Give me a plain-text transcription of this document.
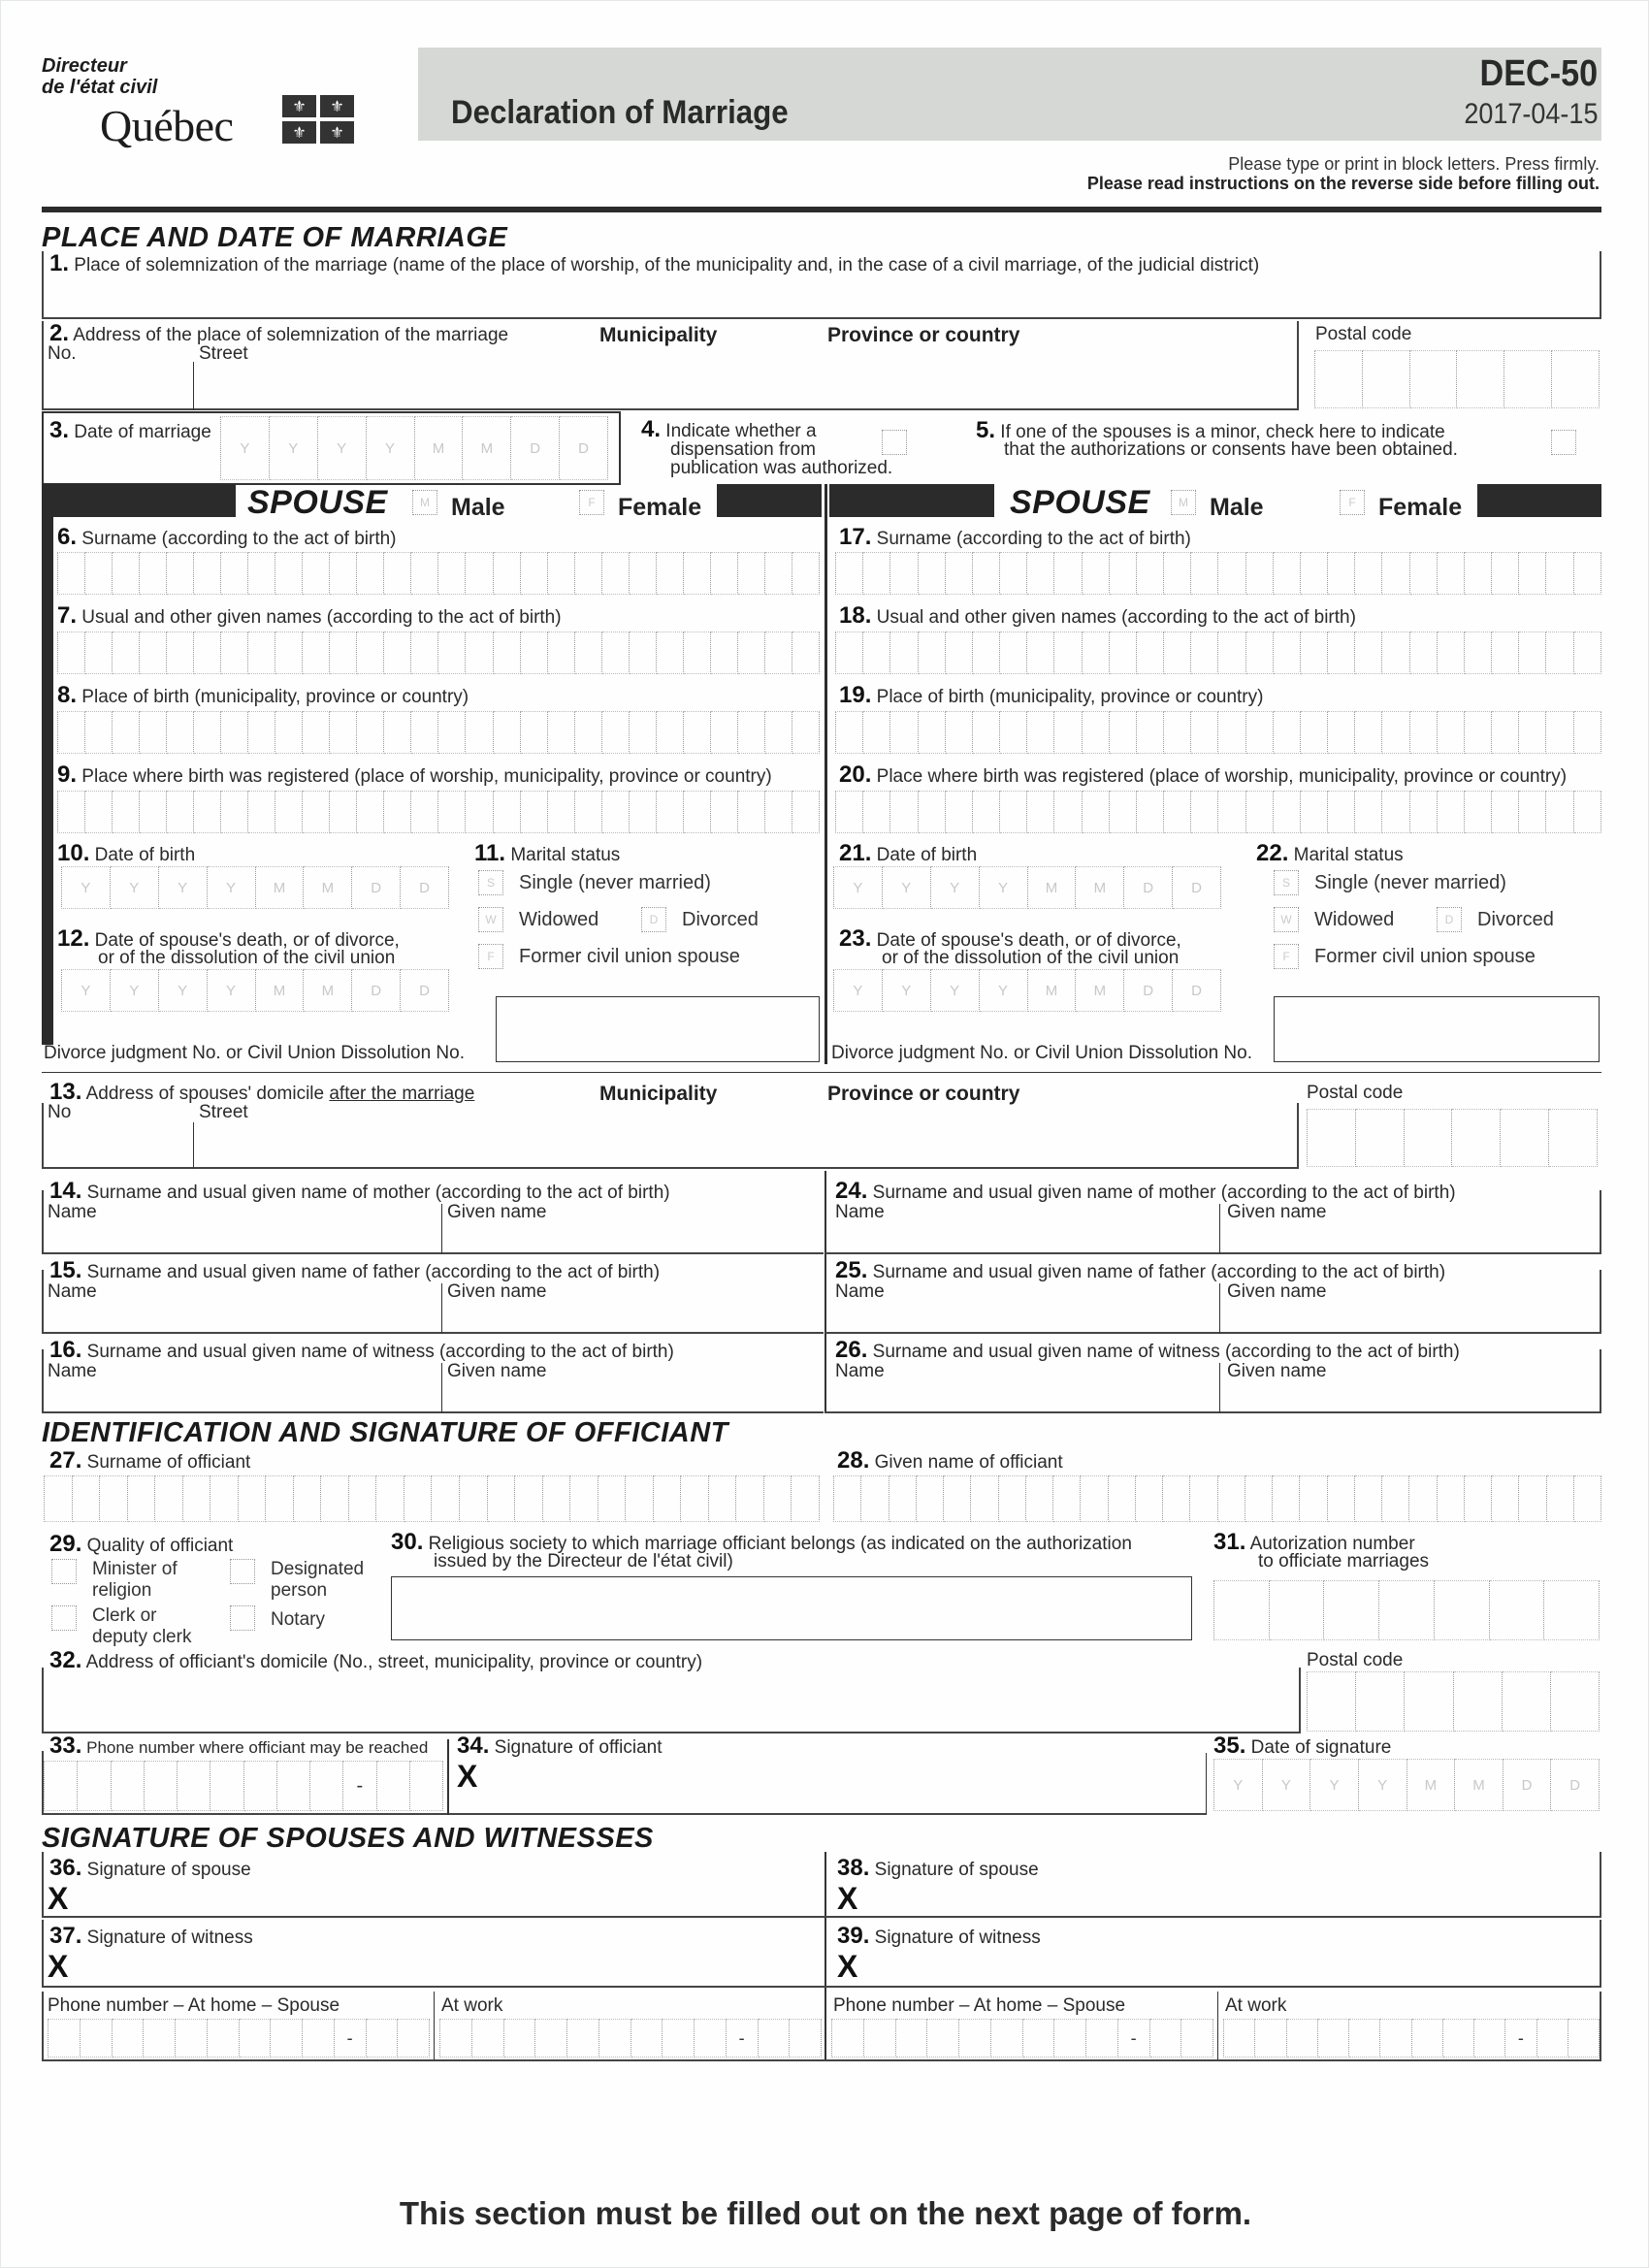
Directeur
de l'état civil
Québec	⚜	⚜
⚜	⚜
Declaration of Marriage
DEC-50
2017-04-15
Please type or print in block letters. Press firmly.
Please read instructions on the reverse side before filling out.
PLACE AND DATE OF MARRIAGE
1. Place of solemnization of the marriage (name of the place of worship, of the municipality and, in the case of a civil marriage, of the judicial district)
2. Address of the place of solemnization of the marriage
No.	Street
Municipality	Province or country	Postal code
3. Date of marriage
Y	Y	Y	Y	M	M	D	D
4. Indicate whether a
dispensation from
publication was authorized.
5. If one of the spouses is a minor, check here to indicate
that the authorizations or consents have been obtained.
SPOUSE	M Male	F Female	SPOUSE M Male	F Female
6. Surname (according to the act of birth)
7. Usual and other given names (according to the act of birth)
8. Place of birth (municipality, province or country)
9. Place where birth was registered (place of worship, municipality, province or country)
10. Date of birth
Y	Y	Y	Y	M	M	D	D
12. Date of spouse's death, or of divorce,
or of the dissolution of the civil union
Y	Y	Y	Y	M	M	D	D
11. Marital status
S Single (never married)
W Widowed	D Divorced
F Former civil union spouse
Divorce judgment No. or Civil Union Dissolution No.
17. Surname (according to the act of birth)
18. Usual and other given names (according to the act of birth)
19. Place of birth (municipality, province or country)
20. Place where birth was registered (place of worship, municipality, province or country)
21. Date of birth
Y	Y	Y	Y	M	M	D	D
23. Date of spouse's death, or of divorce,
or of the dissolution of the civil union
Y	Y	Y	Y	M	M	D	D
22. Marital status
S Single (never married)
W Widowed	D Divorced
F Former civil union spouse
Divorce judgment No. or Civil Union Dissolution No.
13. Address of spouses' domicile after the marriage
No	Street
Municipality	Province or country	Postal code
14. Surname and usual given name of mother (according to the act of birth)
Name	Given name
24. Surname and usual given name of mother (according to the act of birth)
Name	Given name
15. Surname and usual given name of father (according to the act of birth)
Name	Given name
25. Surname and usual given name of father (according to the act of birth)
Name	Given name
16. Surname and usual given name of witness (according to the act of birth)
Name	Given name
26. Surname and usual given name of witness (according to the act of birth)
Name	Given name
IDENTIFICATION AND SIGNATURE OF OFFICIANT
27. Surname of officiant	28. Given name of officiant
29. Quality of officiant
Minister of
religion
Designated
person
Clerk or
deputy clerk
Notary
30. Religious society to which marriage officiant belongs (as indicated on the authorization
issued by the Directeur de l'état civil)
31. Autorization number
to officiate marriages
32. Address of officiant's domicile (No., street, municipality, province or country)	Postal code
33. Phone number where officiant may be reached
-
34. Signature of officiant
X
35. Date of signature
Y	Y	Y	Y	M	M	D	D
SIGNATURE OF SPOUSES AND WITNESSES
36. Signature of spouse
X
38. Signature of spouse
X
37. Signature of witness
X
39. Signature of witness
X
Phone number – At home – Spouse	At work
-	-
Phone number – At home – Spouse	At work
-	-
This section must be filled out on the next page of form.
